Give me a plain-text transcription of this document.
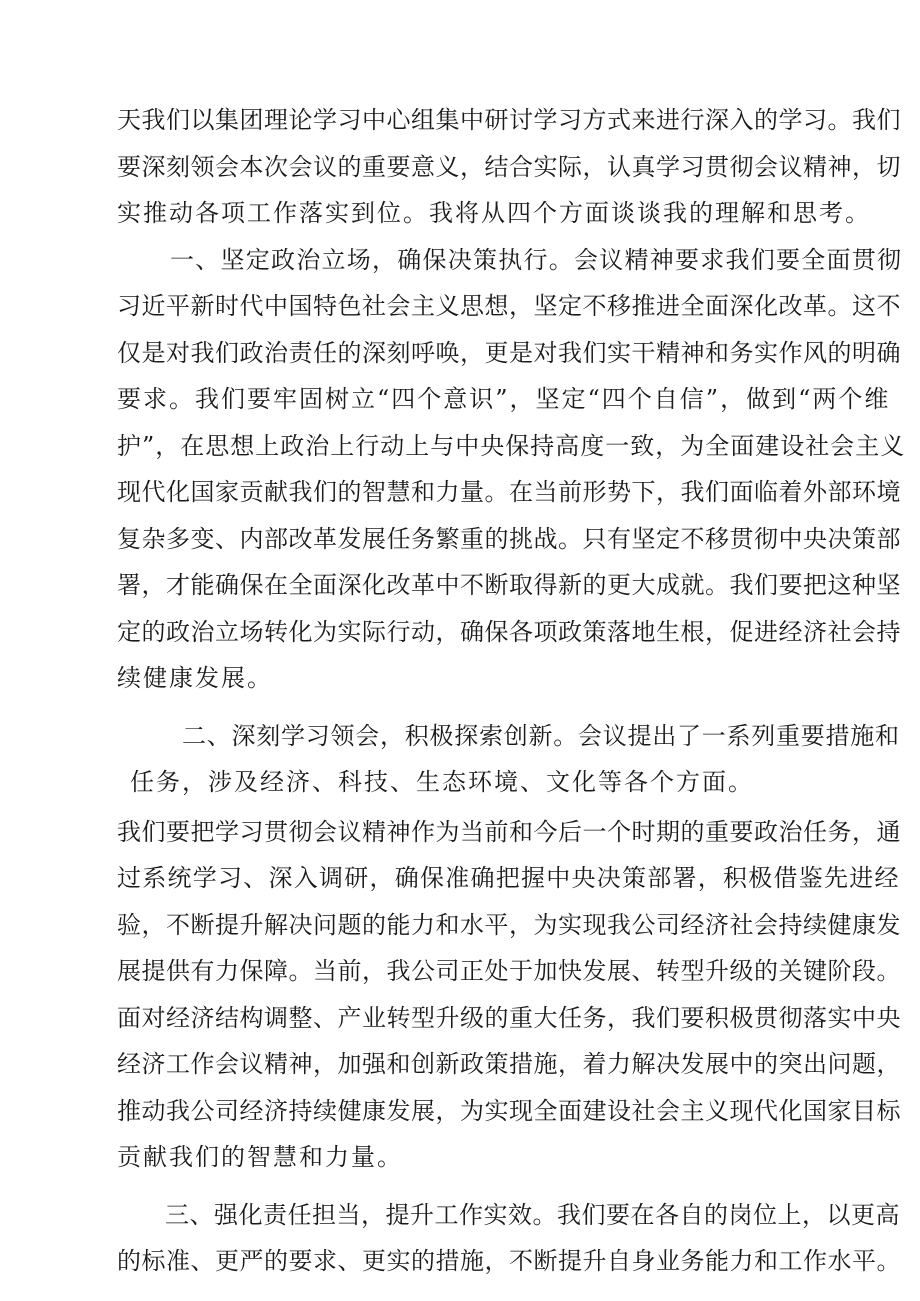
天我们以集团理论学习中心组集中研讨学习方式来进行深入的学习。我们
要深刻领会本次会议的重要意义，结合实际，认真学习贯彻会议精神，切
实推动各项工作落实到位。我将从四个方面谈谈我的理解和思考。
一、坚定政治立场，确保决策执行。会议精神要求我们要全面贯彻
习近平新时代中国特色社会主义思想，坚定不移推进全面深化改革。这不
仅是对我们政治责任的深刻呼唤，更是对我们实干精神和务实作风的明确
要求。我们要牢固树立“四个意识”，坚定“四个自信”，做到“两个维
护”，在思想上政治上行动上与中央保持高度一致，为全面建设社会主义
现代化国家贡献我们的智慧和力量。在当前形势下，我们面临着外部环境
复杂多变、内部改革发展任务繁重的挑战。只有坚定不移贯彻中央决策部
署，才能确保在全面深化改革中不断取得新的更大成就。我们要把这种坚
定的政治立场转化为实际行动，确保各项政策落地生根，促进经济社会持
续健康发展。
二、深刻学习领会，积极探索创新。会议提出了一系列重要措施和
任务，涉及经济、科技、生态环境、文化等各个方面。
我们要把学习贯彻会议精神作为当前和今后一个时期的重要政治任务，通
过系统学习、深入调研，确保准确把握中央决策部署，积极借鉴先进经
验，不断提升解决问题的能力和水平，为实现我公司经济社会持续健康发
展提供有力保障。当前，我公司正处于加快发展、转型升级的关键阶段。
面对经济结构调整、产业转型升级的重大任务，我们要积极贯彻落实中央
经济工作会议精神，加强和创新政策措施，着力解决发展中的突出问题，
推动我公司经济持续健康发展，为实现全面建设社会主义现代化国家目标
贡献我们的智慧和力量。
三、强化责任担当，提升工作实效。我们要在各自的岗位上，以更高
的标准、更严的要求、更实的措施，不断提升自身业务能力和工作水平。
